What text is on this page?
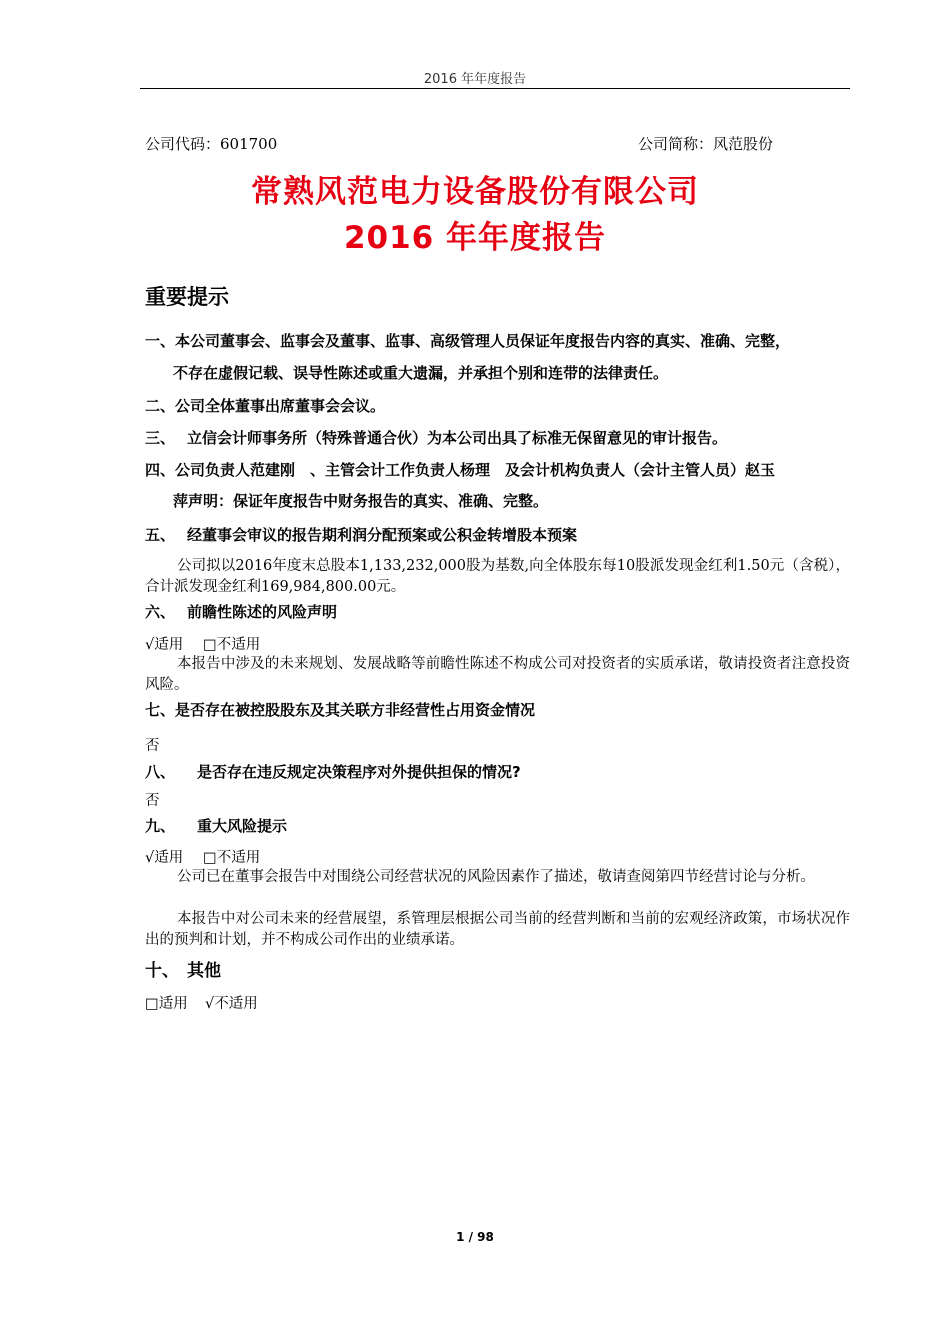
2016 年年度报告
公司代码：601700	公司简称：风范股份
常熟风范电力设备股份有限公司
2016 年年度报告
重要提示
一、本公司董事会、监事会及董事、监事、高级管理人员保证年度报告内容的真实、准确、完整，
不存在虚假记载、误导性陈述或重大遗漏，并承担个别和连带的法律责任。
二、公司全体董事出席董事会会议。
三、 立信会计师事务所（特殊普通合伙）为本公司出具了标准无保留意见的审计报告。
四、公司负责人范建刚　、主管会计工作负责人杨理　及会计机构负责人（会计主管人员）赵玉
萍声明：保证年度报告中财务报告的真实、准确、完整。
五、 经董事会审议的报告期利润分配预案或公积金转增股本预案
公司拟以2016年度末总股本1,133,232,000股为基数,向全体股东每10股派发现金红利1.50元（含税），合计派发现金红利169,984,800.00元。
六、 前瞻性陈述的风险声明
√适用 □不适用
本报告中涉及的未来规划、发展战略等前瞻性陈述不构成公司对投资者的实质承诺，敬请投资者注意投资风险。
七、是否存在被控股股东及其关联方非经营性占用资金情况
否
八、 是否存在违反规定决策程序对外提供担保的情况?
否
九、 重大风险提示
√适用 □不适用
公司已在董事会报告中对围绕公司经营状况的风险因素作了描述，敬请查阅第四节经营讨论与分析。
本报告中对公司未来的经营展望，系管理层根据公司当前的经营判断和当前的宏观经济政策，市场状况作出的预判和计划，并不构成公司作出的业绩承诺。
十、 其他
□适用 √不适用
1 / 98
